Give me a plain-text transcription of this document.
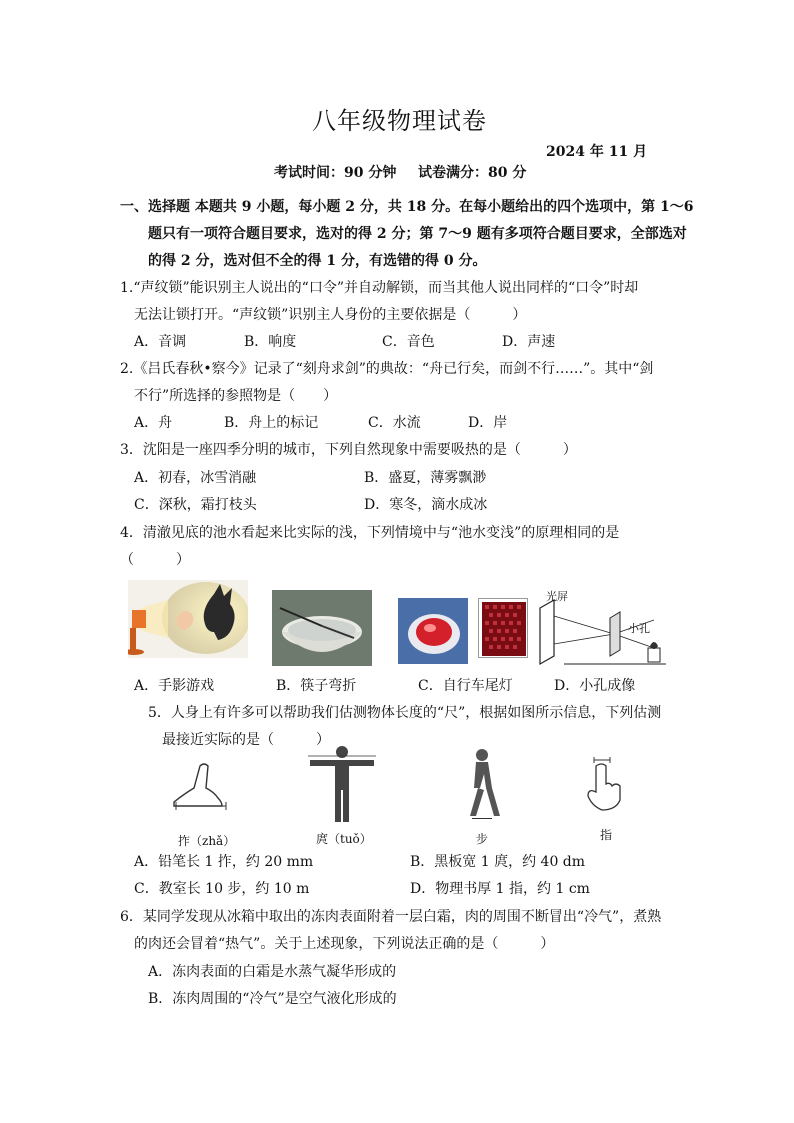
八年级物理试卷
2024 年 11 月
考试时间：90 分钟 试卷满分：80 分
一、选择题 本题共 9 小题，每小题 2 分，共 18 分。在每小题给出的四个选项中，第 1～6
题只有一项符合题目要求，选对的得 2 分；第 7～9 题有多项符合题目要求，全部选对
的得 2 分，选对但不全的得 1 分，有选错的得 0 分。
1.“声纹锁”能识别主人说出的“口令”并自动解锁，而当其他人说出同样的“口令”时却
无法让锁打开。“声纹锁”识别主人身份的主要依据是（　　　）
A．音调	B．响度	C．音色	D．声速
2.《吕氏春秋•察今》记录了“刻舟求剑”的典故：“舟已行矣，而剑不行……”。其中“剑
不行”所选择的参照物是（　　）
A．舟	B．舟上的标记	C．水流	D．岸
3．沈阳是一座四季分明的城市，下列自然现象中需要吸热的是（　　　）
A．初春，冰雪消融	B．盛夏，薄雾飘渺
C．深秋，霜打枝头	D．寒冬，滴水成冰
4．清澈见底的池水看起来比实际的浅，下列情境中与“池水变浅”的原理相同的是
（　　　）
光屏
小孔
A．手影游戏	B．筷子弯折	C．自行车尾灯	D．小孔成像
5．人身上有许多可以帮助我们估测物体长度的“尺”，根据如图所示信息，下列估测
最接近实际的是（　　　）
拃（zhǎ）	庹（tuǒ）	步	指
A．铅笔长 1 拃，约 20 mm	B．黑板宽 1 庹，约 40 dm
C．教室长 10 步，约 10 m	D．物理书厚 1 指，约 1 cm
6．某同学发现从冰箱中取出的冻肉表面附着一层白霜，肉的周围不断冒出“冷气”，煮熟
的肉还会冒着“热气”。关于上述现象，下列说法正确的是（　　　）
A．冻肉表面的白霜是水蒸气凝华形成的
B．冻肉周围的“冷气”是空气液化形成的
